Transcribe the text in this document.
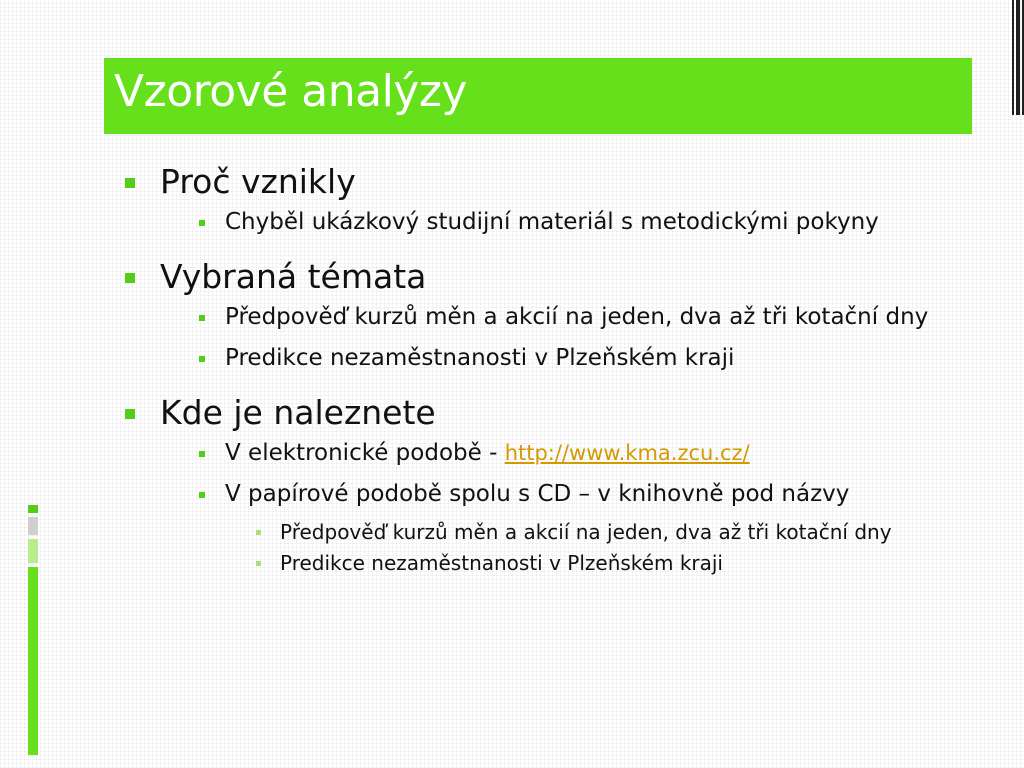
Vzorové analýzy
Proč vznikly
Chyběl ukázkový studijní materiál s metodickými pokyny
Vybraná témata
Předpověď kurzů měn a akcií na jeden, dva až tři kotační dny
Predikce nezaměstnanosti v Plzeňském kraji
Kde je naleznete
V elektronické podobě - http://www.kma.zcu.cz/
V papírové podobě spolu s CD – v knihovně pod názvy
Předpověď kurzů měn a akcií na jeden, dva až tři kotační dny
Predikce nezaměstnanosti v Plzeňském kraji
